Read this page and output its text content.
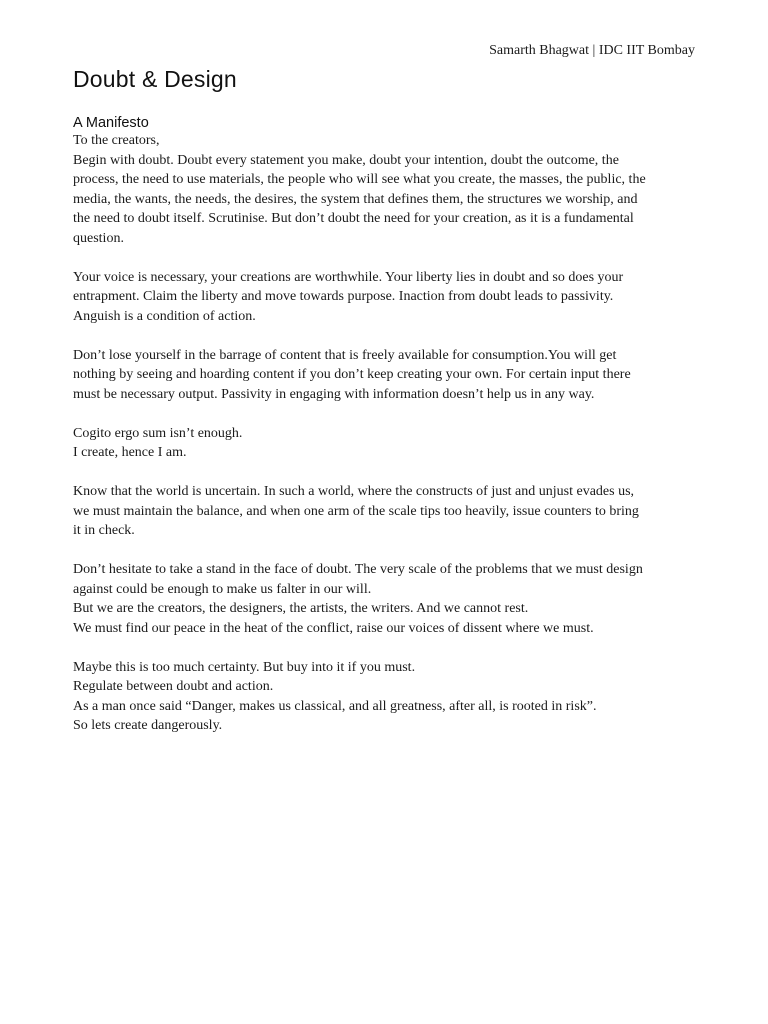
Samarth Bhagwat | IDC IIT Bombay
Doubt & Design
A Manifesto

To the creators,
Begin with doubt. Doubt every statement you make, doubt your intention, doubt the outcome, the
process, the need to use materials, the people who will see what you create, the masses, the public, the
media, the wants, the needs, the desires, the system that defines them, the structures we worship, and
the need to doubt itself. Scrutinise. But don’t doubt the need for your creation, as it is a fundamental
question.

Your voice is necessary, your creations are worthwhile. Your liberty lies in doubt and so does your
entrapment. Claim the liberty and move towards purpose. Inaction from doubt leads to passivity.
Anguish is a condition of action.

Don’t lose yourself in the barrage of content that is freely available for consumption.You will get
nothing by seeing and hoarding content if you don’t keep creating your own. For certain input there
must be necessary output. Passivity in engaging with information doesn’t help us in any way.

Cogito ergo sum isn’t enough.
I create, hence I am.

Know that the world is uncertain. In such a world, where the constructs of just and unjust evades us,
we must maintain the balance, and when one arm of the scale tips too heavily, issue counters to bring
it in check.

Don’t hesitate to take a stand in the face of doubt. The very scale of the problems that we must design
against could be enough to make us falter in our will.
But we are the creators, the designers, the artists, the writers. And we cannot rest.
We must find our peace in the heat of the conflict, raise our voices of dissent where we must.

Maybe this is too much certainty. But buy into it if you must.
Regulate between doubt and action.
As a man once said “Danger, makes us classical, and all greatness, after all, is rooted in risk”.
So lets create dangerously.
